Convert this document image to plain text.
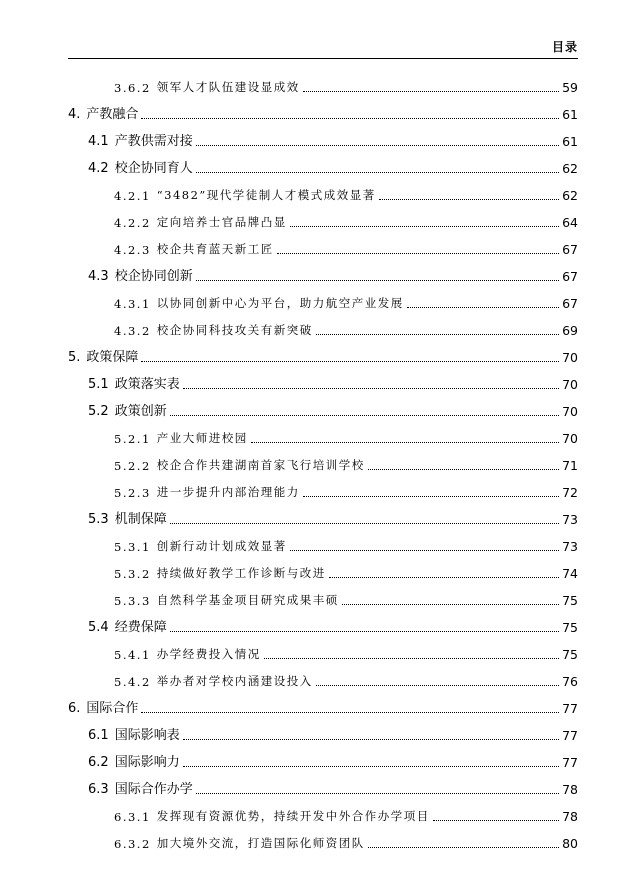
目录
3.6.2 领军人才队伍建设显成效	59
4. 产教融合	61
4.1 产教供需对接	61
4.2 校企协同育人	62
4.2.1 “3482”现代学徒制人才模式成效显著	62
4.2.2 定向培养士官品牌凸显	64
4.2.3 校企共育蓝天新工匠	67
4.3 校企协同创新	67
4.3.1 以协同创新中心为平台，助力航空产业发展	67
4.3.2 校企协同科技攻关有新突破	69
5. 政策保障	70
5.1 政策落实表	70
5.2 政策创新	70
5.2.1 产业大师进校园	70
5.2.2 校企合作共建湖南首家飞行培训学校	71
5.2.3 进一步提升内部治理能力	72
5.3 机制保障	73
5.3.1 创新行动计划成效显著	73
5.3.2 持续做好教学工作诊断与改进	74
5.3.3 自然科学基金项目研究成果丰硕	75
5.4 经费保障	75
5.4.1 办学经费投入情况	75
5.4.2 举办者对学校内涵建设投入	76
6. 国际合作	77
6.1 国际影响表	77
6.2 国际影响力	77
6.3 国际合作办学	78
6.3.1 发挥现有资源优势，持续开发中外合作办学项目	78
6.3.2 加大境外交流，打造国际化师资团队	80
